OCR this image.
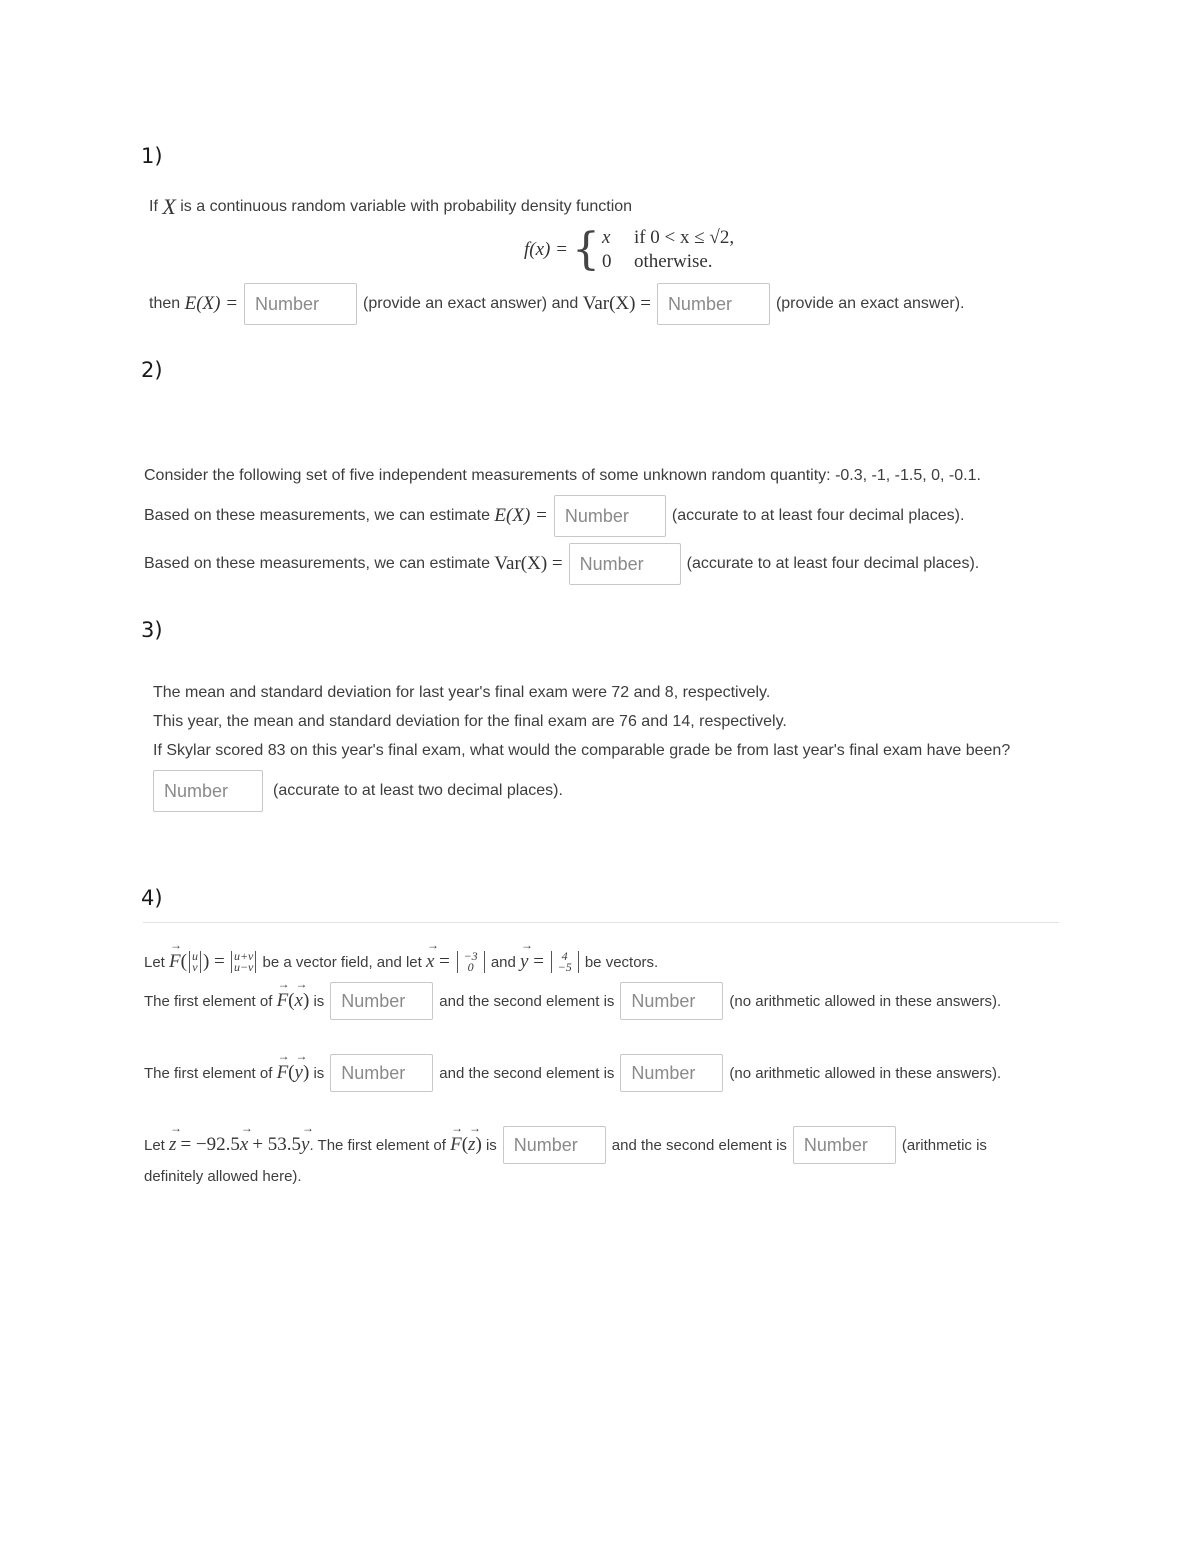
1)
If
X
is a continuous random variable with probability density function
f(x) = { x	if 0 < x ≤ √2,
0	otherwise.
then
E(X) = Number	(provide an exact answer) and
Var(X) = Number	(provide an exact answer).
2)
Consider the following set of five independent measurements of some unknown random quantity: -0.3, -1, -1.5, 0, -0.1.
Based on these measurements, we can estimate
E(X) = Number	(accurate to at least four decimal places).
Based on these measurements, we can estimate
Var(X) = Number	(accurate to at least four decimal places).
3)
The mean and standard deviation for last year's final exam were 72 and 8, respectively.
This year, the mean and standard deviation for the final exam are 76 and 14, respectively.
If Skylar scored 83 on this year's final exam, what would the comparable grade be from last year's final exam have been?
Number	(accurate to at least two decimal places).
4)
Let
→ F ( u
v ) =
u+v
u−v
be a vector field, and let
→ x = −3
0
	and
→ y =	4
−5
be vectors.
The first element of
→ F ( → x )
is Number	and the second element is Number	(no arithmetic allowed in these answers).
The first element of
→ F ( → y )
is Number	and the second element is Number	(no arithmetic allowed in these answers).
Let
→ z = −92.5 → x + 53.5 → y . The first element of
→ F ( → z )
is Number	and the second element is Number	(arithmetic is
definitely allowed here).
